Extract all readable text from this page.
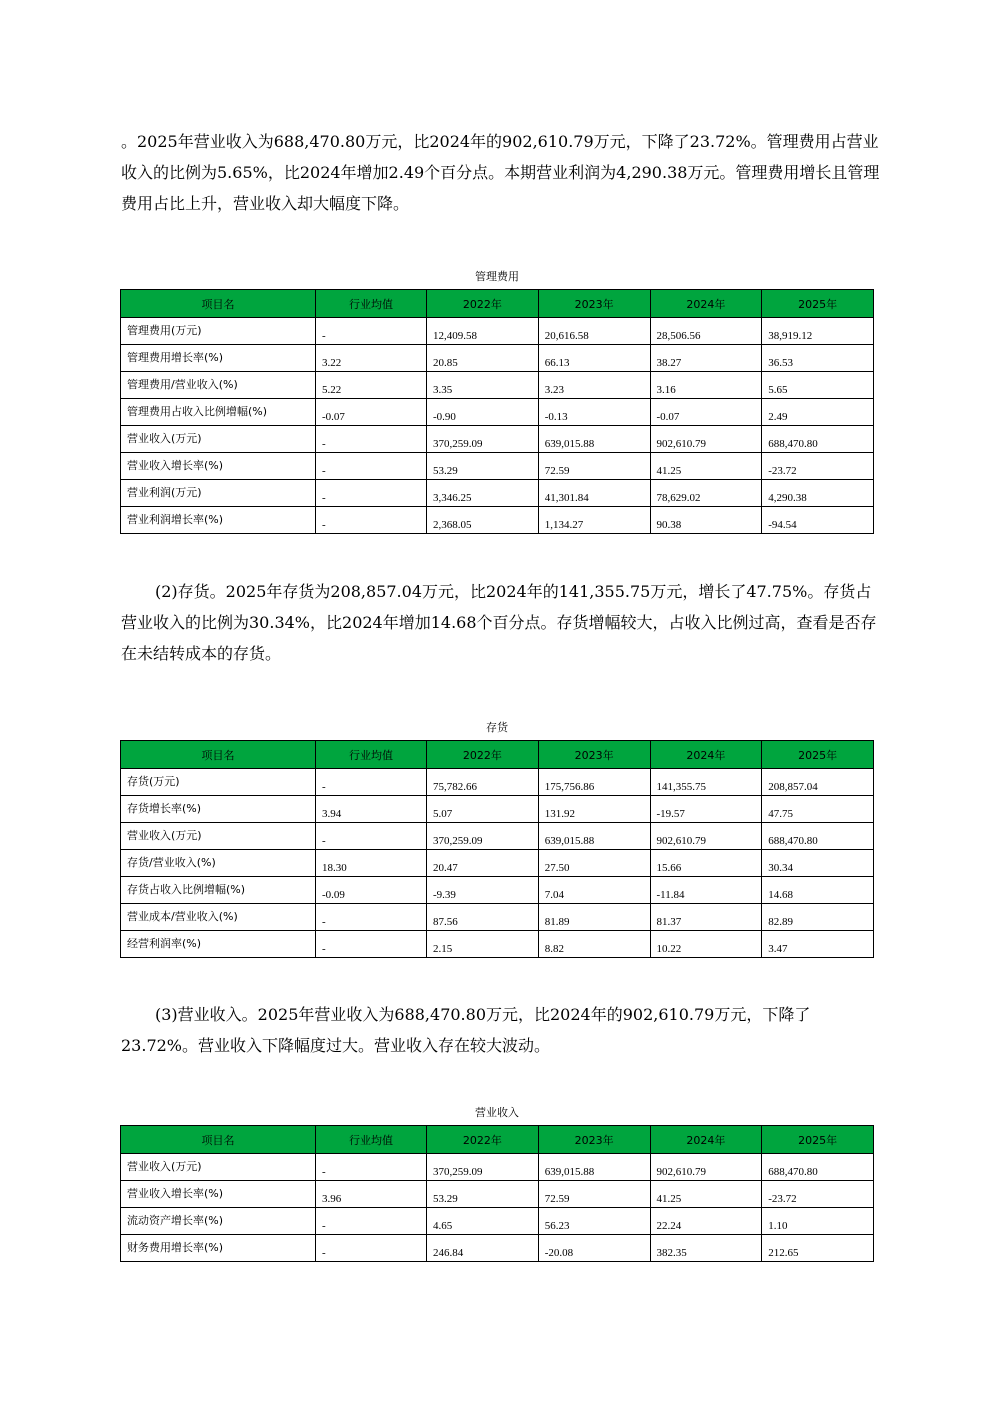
。2025年营业收入为688,470.80万元，比2024年的902,610.79万元，下降了23.72%。管理费用占营业收入的比例为5.65%，比2024年增加2.49个百分点。本期营业利润为4,290.38万元。管理费用增长且管理费用占比上升，营业收入却大幅度下降。

管理费用
项目名	行业均值	2022年	2023年	2024年	2025年
管理费用(万元)	-	12,409.58	20,616.58	28,506.56	38,919.12
管理费用增长率(%)	3.22	20.85	66.13	38.27	36.53
管理费用/营业收入(%)	5.22	3.35	3.23	3.16	5.65
管理费用占收入比例增幅(%)	-0.07	-0.90	-0.13	-0.07	2.49
营业收入(万元)	-	370,259.09	639,015.88	902,610.79	688,470.80
营业收入增长率(%)	-	53.29	72.59	41.25	-23.72
营业利润(万元)	-	3,346.25	41,301.84	78,629.02	4,290.38
营业利润增长率(%)	-	2,368.05	1,134.27	90.38	-94.54

(2)存货。2025年存货为208,857.04万元，比2024年的141,355.75万元，增长了47.75%。存货占营业收入的比例为30.34%，比2024年增加14.68个百分点。存货增幅较大，占收入比例过高，查看是否存在未结转成本的存货。

存货
项目名	行业均值	2022年	2023年	2024年	2025年
存货(万元)	-	75,782.66	175,756.86	141,355.75	208,857.04
存货增长率(%)	3.94	5.07	131.92	-19.57	47.75
营业收入(万元)	-	370,259.09	639,015.88	902,610.79	688,470.80
存货/营业收入(%)	18.30	20.47	27.50	15.66	30.34
存货占收入比例增幅(%)	-0.09	-9.39	7.04	-11.84	14.68
营业成本/营业收入(%)	-	87.56	81.89	81.37	82.89
经营利润率(%)	-	2.15	8.82	10.22	3.47

(3)营业收入。2025年营业收入为688,470.80万元，比2024年的902,610.79万元，下降了23.72%。营业收入下降幅度过大。营业收入存在较大波动。

营业收入
项目名	行业均值	2022年	2023年	2024年	2025年
营业收入(万元)	-	370,259.09	639,015.88	902,610.79	688,470.80
营业收入增长率(%)	3.96	53.29	72.59	41.25	-23.72
流动资产增长率(%)	-	4.65	56.23	22.24	1.10
财务费用增长率(%)	-	246.84	-20.08	382.35	212.65
